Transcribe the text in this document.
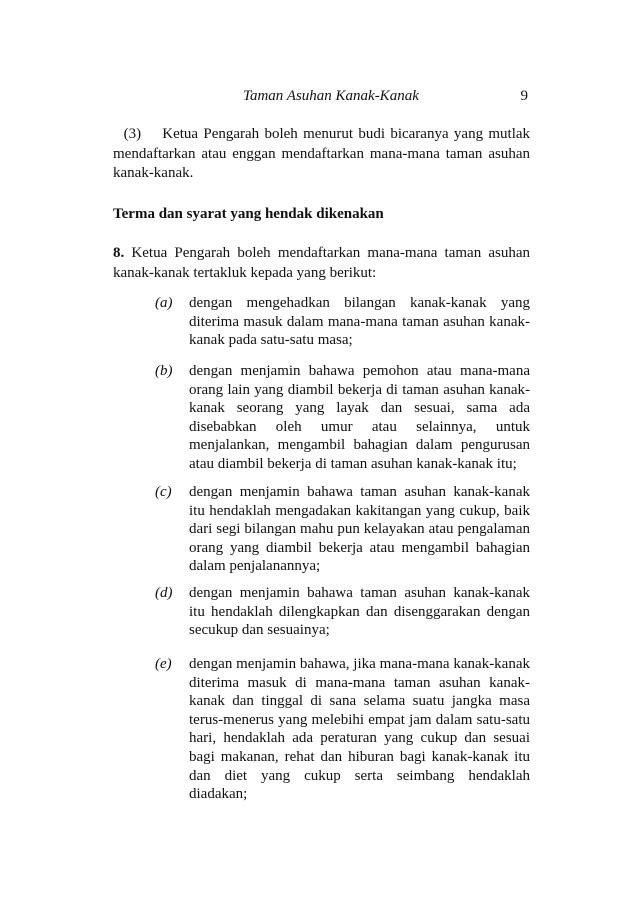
Taman Asuhan Kanak-Kanak	9
(3) Ketua Pengarah boleh menurut budi bicaranya yang mutlak mendaftarkan atau enggan mendaftarkan mana-mana taman asuhan kanak-kanak.
Terma dan syarat yang hendak dikenakan
8. Ketua Pengarah boleh mendaftarkan mana-mana taman asuhan kanak-kanak tertakluk kepada yang berikut:
(a) dengan mengehadkan bilangan kanak-kanak yang diterima masuk dalam mana-mana taman asuhan kanak-kanak pada satu-satu masa;
(b) dengan menjamin bahawa pemohon atau mana-mana orang lain yang diambil bekerja di taman asuhan kanak-kanak seorang yang layak dan sesuai, sama ada disebabkan oleh umur atau selainnya, untuk menjalankan, mengambil bahagian dalam pengurusan atau diambil bekerja di taman asuhan kanak-kanak itu;
(c) dengan menjamin bahawa taman asuhan kanak-kanak itu hendaklah mengadakan kakitangan yang cukup, baik dari segi bilangan mahu pun kelayakan atau pengalaman orang yang diambil bekerja atau mengambil bahagian dalam penjalanannya;
(d) dengan menjamin bahawa taman asuhan kanak-kanak itu hendaklah dilengkapkan dan disenggarakan dengan secukup dan sesuainya;
(e) dengan menjamin bahawa, jika mana-mana kanak-kanak diterima masuk di mana-mana taman asuhan kanak-kanak dan tinggal di sana selama suatu jangka masa terus-menerus yang melebihi empat jam dalam satu-satu hari, hendaklah ada peraturan yang cukup dan sesuai bagi makanan, rehat dan hiburan bagi kanak-kanak itu dan diet yang cukup serta seimbang hendaklah diadakan;
